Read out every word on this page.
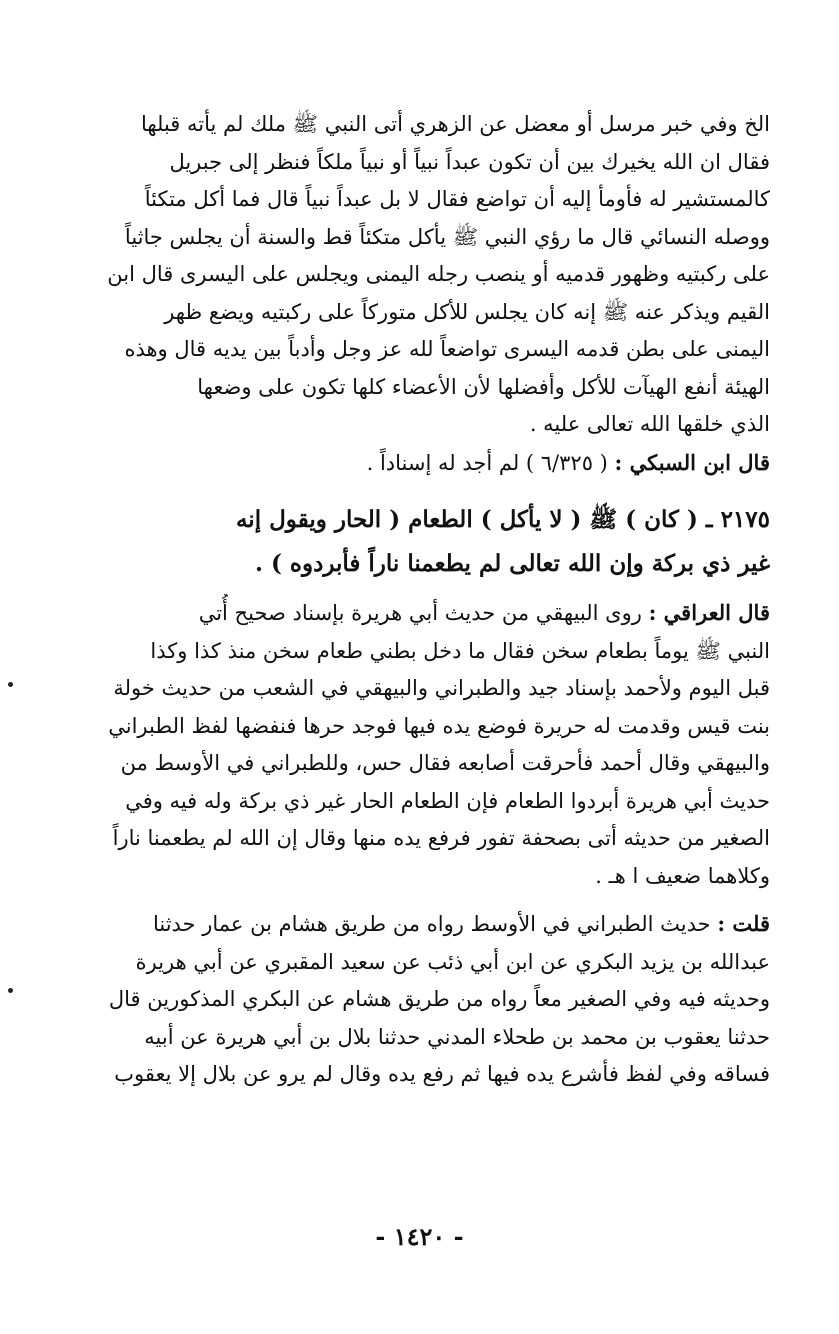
الخ وفي خبر مرسل أو معضل عن الزهري أتى النبي ﷺ ملك لم يأته قبلها
فقال ان الله يخيرك بين أن تكون عبداً نبياً أو نبياً ملكاً فنظر إلى جبريل
كالمستشير له فأومأ إليه أن تواضع فقال لا بل عبداً نبياً قال فما أكل متكئاً
ووصله النسائي قال ما رؤي النبي ﷺ يأكل متكئاً قط والسنة أن يجلس جاثياً
على ركبتيه وظهور قدميه أو ينصب رجله اليمنى ويجلس على اليسرى قال ابن
القيم ويذكر عنه ﷺ إنه كان يجلس للأكل متوركاً على ركبتيه ويضع ظهر
اليمنى على بطن قدمه اليسرى تواضعاً لله عز وجل وأدباً بين يديه قال وهذه
الهيئة أنفع الهيآت للأكل وأفضلها لأن الأعضاء كلها تكون على وضعها
الذي خلقها الله تعالى عليه .
قال ابن السبكي : ( ٦/٣٢٥ ) لم أجد له إسناداً .
٢١٧٥ ـ ( كان ) ﷺ ( لا يأكل ) الطعام ( الحار ويقول إنه
غير ذي بركة وإن الله تعالى لم يطعمنا ناراً فأبردوه ) .
قال العراقي : روى البيهقي من حديث أبي هريرة بإسناد صحيح أُتي
النبي ﷺ يوماً بطعام سخن فقال ما دخل بطني طعام سخن منذ كذا وكذا
قبل اليوم ولأحمد بإسناد جيد والطبراني والبيهقي في الشعب من حديث خولة
بنت قيس وقدمت له حريرة فوضع يده فيها فوجد حرها فنفضها لفظ الطبراني
والبيهقي وقال أحمد فأحرقت أصابعه فقال حس، وللطبراني في الأوسط من
حديث أبي هريرة أبردوا الطعام فإن الطعام الحار غير ذي بركة وله فيه وفي
الصغير من حديثه أتى بصحفة تفور فرفع يده منها وقال إن الله لم يطعمنا ناراً
وكلاهما ضعيف ا هـ .
قلت : حديث الطبراني في الأوسط رواه من طريق هشام بن عمار حدثنا
عبدالله بن يزيد البكري عن ابن أبي ذئب عن سعيد المقبري عن أبي هريرة
وحديثه فيه وفي الصغير معاً رواه من طريق هشام عن البكري المذكورين قال
حدثنا يعقوب بن محمد بن طحلاء المدني حدثنا بلال بن أبي هريرة عن أبيه
فساقه وفي لفظ فأشرع يده فيها ثم رفع يده وقال لم يرو عن بلال إلا يعقوب
- ١٤٢٠ -
